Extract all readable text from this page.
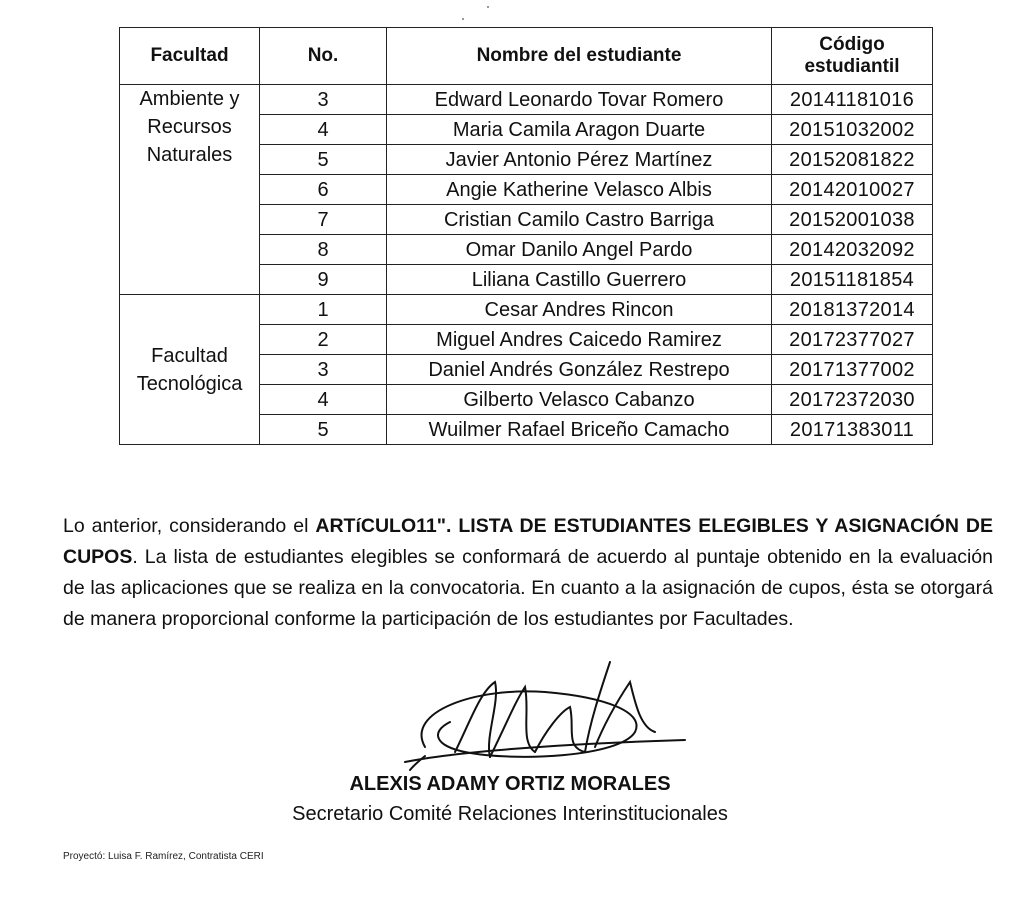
Facultad	No.	Nombre del estudiante	Código
estudiantil
Ambiente y
Recursos
Naturales	3	Edward Leonardo Tovar Romero	20141181016
	4	Maria Camila Aragon Duarte	20151032002
	5	Javier Antonio Pérez Martínez	20152081822
	6	Angie Katherine Velasco Albis	20142010027
	7	Cristian Camilo Castro Barriga	20152001038
	8	Omar Danilo Angel Pardo	20142032092
	9	Liliana Castillo Guerrero	20151181854
Facultad
Tecnológica	1	Cesar Andres Rincon	20181372014
	2	Miguel Andres Caicedo Ramirez	20172377027
	3	Daniel Andrés González Restrepo	20171377002
	4	Gilberto Velasco Cabanzo	20172372030
	5	Wuilmer Rafael Briceño Camacho	20171383011

Lo anterior, considerando el ARTíCULO11". LISTA DE ESTUDIANTES ELEGIBLES Y ASIGNACIÓN DE CUPOS. La lista de estudiantes elegibles se conformará de acuerdo al puntaje obtenido en la evaluación de las aplicaciones que se realiza en la convocatoria. En cuanto a la asignación de cupos, ésta se otorgará de manera proporcional conforme la participación de los estudiantes por Facultades.

ALEXIS ADAMY ORTIZ MORALES

Secretario Comité Relaciones Interinstitucionales

Proyectó: Luisa F. Ramírez, Contratista CERI
